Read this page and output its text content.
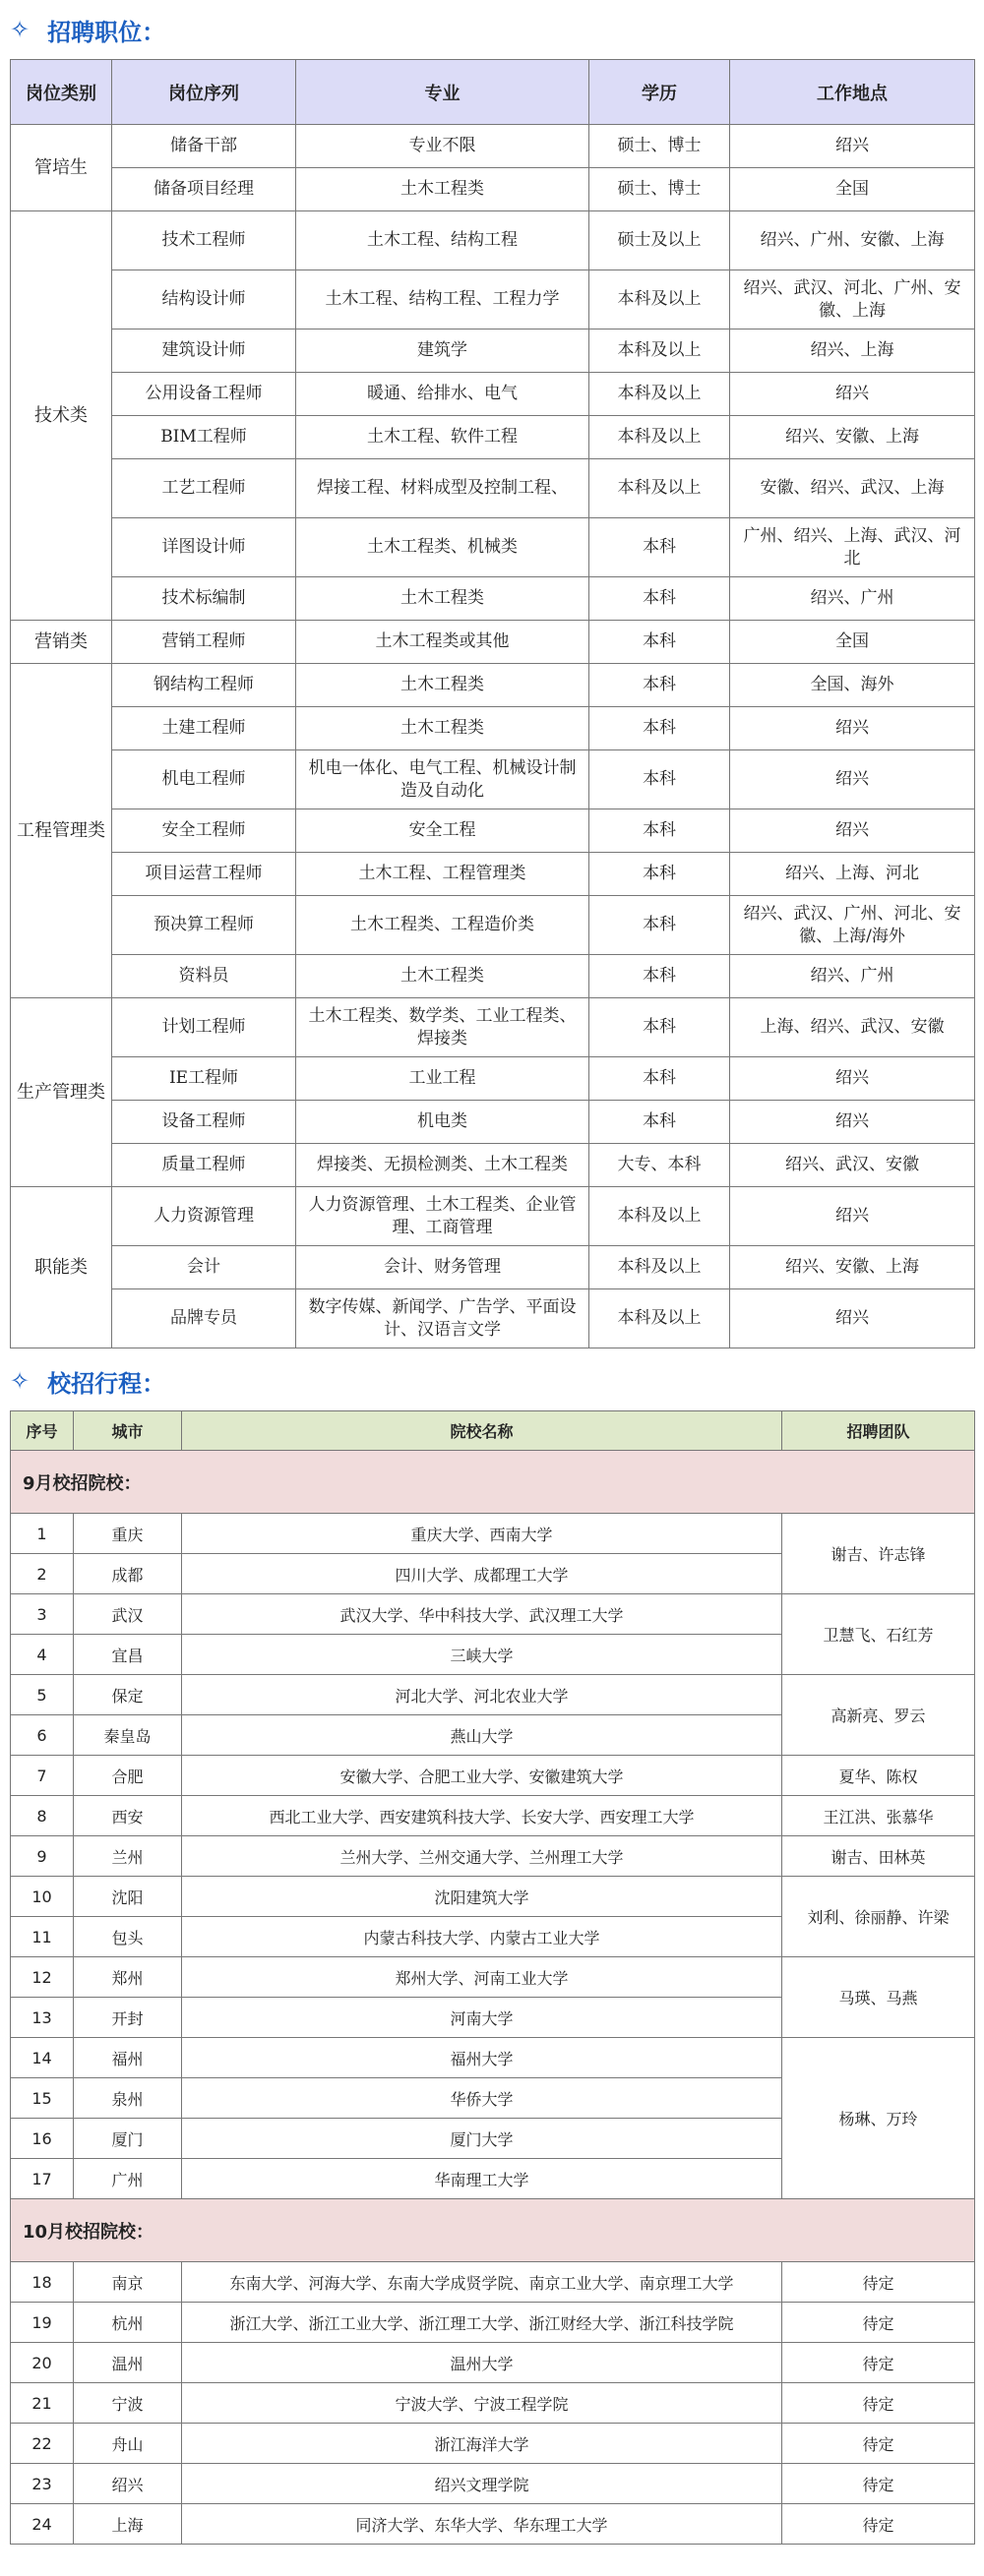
✧ 招聘职位：
岗位类别	岗位序列	专业	学历	工作地点
管培生	储备干部	专业不限	硕士、博士	绍兴
	储备项目经理	土木工程类	硕士、博士	全国
技术类	技术工程师	土木工程、结构工程	硕士及以上	绍兴、广州、安徽、上海
	结构设计师	土木工程、结构工程、工程力学	本科及以上	绍兴、武汉、河北、广州、安徽、上海
	建筑设计师	建筑学	本科及以上	绍兴、上海
	公用设备工程师	暖通、给排水、电气	本科及以上	绍兴
	BIM工程师	土木工程、软件工程	本科及以上	绍兴、安徽、上海
	工艺工程师	焊接工程、材料成型及控制工程、	本科及以上	安徽、绍兴、武汉、上海
	详图设计师	土木工程类、机械类	本科	广州、绍兴、上海、武汉、河北
	技术标编制	土木工程类	本科	绍兴、广州
营销类	营销工程师	土木工程类或其他	本科	全国
工程管理类	钢结构工程师	土木工程类	本科	全国、海外
	土建工程师	土木工程类	本科	绍兴
	机电工程师	机电一体化、电气工程、机械设计制造及自动化	本科	绍兴
	安全工程师	安全工程	本科	绍兴
	项目运营工程师	土木工程、工程管理类	本科	绍兴、上海、河北
	预决算工程师	土木工程类、工程造价类	本科	绍兴、武汉、广州、河北、安徽、上海/海外
	资料员	土木工程类	本科	绍兴、广州
生产管理类	计划工程师	土木工程类、数学类、工业工程类、焊接类	本科	上海、绍兴、武汉、安徽
	IE工程师	工业工程	本科	绍兴
	设备工程师	机电类	本科	绍兴
	质量工程师	焊接类、无损检测类、土木工程类	大专、本科	绍兴、武汉、安徽
职能类	人力资源管理	人力资源管理、土木工程类、企业管理、工商管理	本科及以上	绍兴
	会计	会计、财务管理	本科及以上	绍兴、安徽、上海
	品牌专员	数字传媒、新闻学、广告学、平面设计、汉语言文学	本科及以上	绍兴
✧ 校招行程：
序号	城市	院校名称	招聘团队
9月校招院校：			
1	重庆	重庆大学、西南大学	谢吉、许志锋
2	成都	四川大学、成都理工大学	
3	武汉	武汉大学、华中科技大学、武汉理工大学	卫慧飞、石红芳
4	宜昌	三峡大学	
5	保定	河北大学、河北农业大学	高新亮、罗云
6	秦皇岛	燕山大学	
7	合肥	安徽大学、合肥工业大学、安徽建筑大学	夏华、陈权
8	西安	西北工业大学、西安建筑科技大学、长安大学、西安理工大学	王江洪、张慕华
9	兰州	兰州大学、兰州交通大学、兰州理工大学	谢吉、田林英
10	沈阳	沈阳建筑大学	刘利、徐丽静、许梁
11	包头	内蒙古科技大学、内蒙古工业大学	
12	郑州	郑州大学、河南工业大学	马瑛、马燕
13	开封	河南大学	
14	福州	福州大学	杨琳、万玲
15	泉州	华侨大学	
16	厦门	厦门大学	
17	广州	华南理工大学	
10月校招院校：			
18	南京	东南大学、河海大学、东南大学成贤学院、南京工业大学、南京理工大学	待定
19	杭州	浙江大学、浙江工业大学、浙江理工大学、浙江财经大学、浙江科技学院	待定
20	温州	温州大学	待定
21	宁波	宁波大学、宁波工程学院	待定
22	舟山	浙江海洋大学	待定
23	绍兴	绍兴文理学院	待定
24	上海	同济大学、东华大学、华东理工大学	待定
